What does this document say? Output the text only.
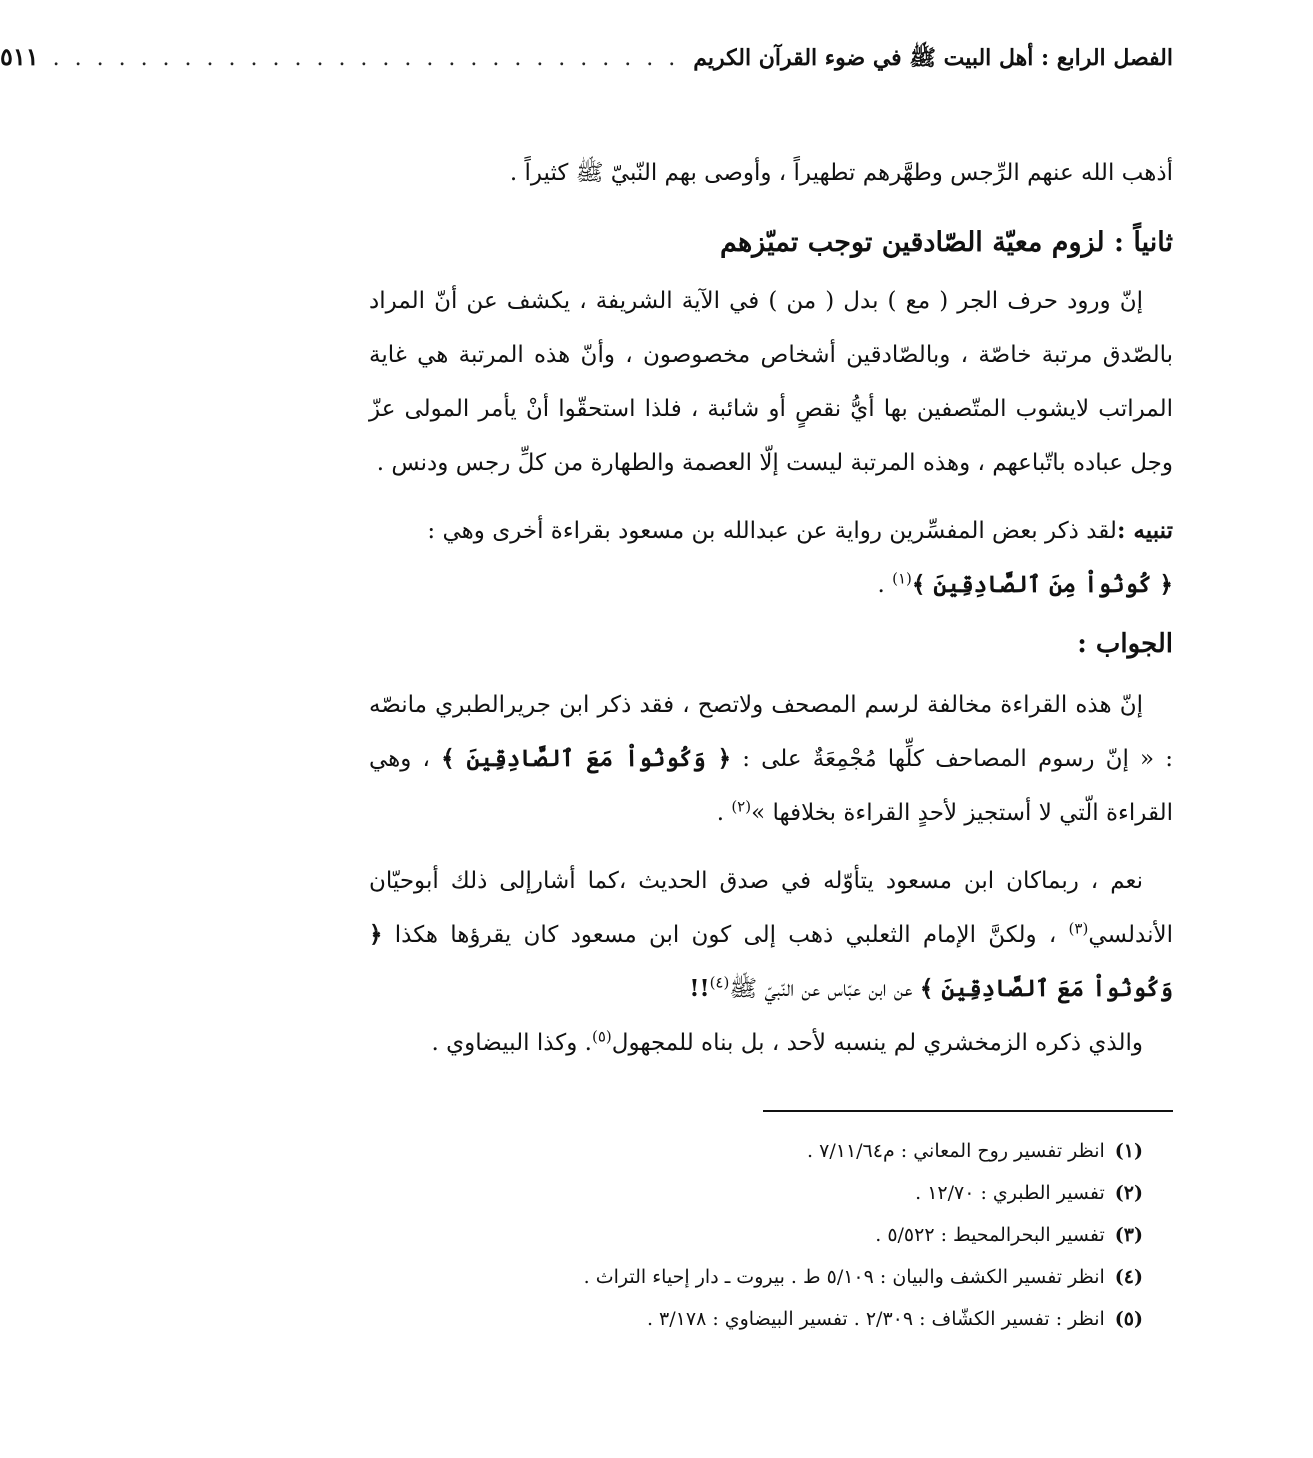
الفصل الرابع : أهل البيت ﷺ في ضوء القرآن الكريم
. . . . . . . . . . . . . . . . . . . . . . . . . . . . .
٥١١

أذهب الله عنهم الرِّجس وطهَّرهم تطهيراً ، وأوصى بهم النّبيّ ﷺ كثيراً .

ثانياً : لزوم معيّة الصّادقين توجب تميّزهم

إنّ ورود حرف الجر ( مع ) بدل ( من ) في الآية الشريفة ، يكشف عن أنّ المراد بالصّدق مرتبة خاصّة ، وبالصّادقين أشخاص مخصوصون ، وأنّ هذه المرتبة هي غاية المراتب لايشوب المتّصفين بها أيُّ نقصٍ أو شائبة ، فلذا استحقّوا أنْ يأمر المولى عزّ وجل عباده باتّباعهم ، وهذه المرتبة ليست إلّا العصمة والطهارة من كلِّ رجس ودنس .

تنبيه :لقد ذكر بعض المفسِّرين رواية عن عبدالله بن مسعود بقراءة أخرى وهي :
﴿ كُونُواْ مِنَ ٱلصَّادِقِينَ ﴾$^{(١)}$ .

الجواب :

إنّ هذه القراءة مخالفة لرسم المصحف ولاتصح ، فقد ذكر ابن جريرالطبري مانصّه : « إنّ رسوم المصاحف كلِّها مُجْمِعَةٌ على : ﴿ وَكُونُواْ مَعَ ٱلصَّادِقِينَ ﴾ ، وهي القراءة الّتي لا أستجيز لأحدٍ القراءة بخلافها »$^{(٢)}$ .

نعم ، ربماكان ابن مسعود يتأوّله في صدق الحديث ،كما أشارإلى ذلك أبوحيّان الأندلسي$^{(٣)}$ ، ولكنَّ الإمام الثعلبي ذهب إلى كون ابن مسعود كان يقرؤها هكذا ﴿ وَكُونُواْ مَعَ ٱلصَّادِقِينَ ﴾ عن ابن عبّاس عن النّبيّ ﷺ$^{(٤)}$!!

والذي ذكره الزمخشري لم ينسبه لأحد ، بل بناه للمجهول$^{(٥)}$. وكذا البيضاوي .

(١)انظر تفسير روح المعاني : م٧/١١/٦٤ .
(٢)تفسير الطبري : ١٢/٧٠ .
(٣)تفسير البحرالمحيط : ٥/٥٢٢ .
(٤)انظر تفسير الكشف والبيان : ٥/١٠٩ ط . بيروت ـ دار إحياء التراث .
(٥)انظر : تفسير الكشّاف : ٢/٣٠٩ . تفسير البيضاوي : ٣/١٧٨ .
